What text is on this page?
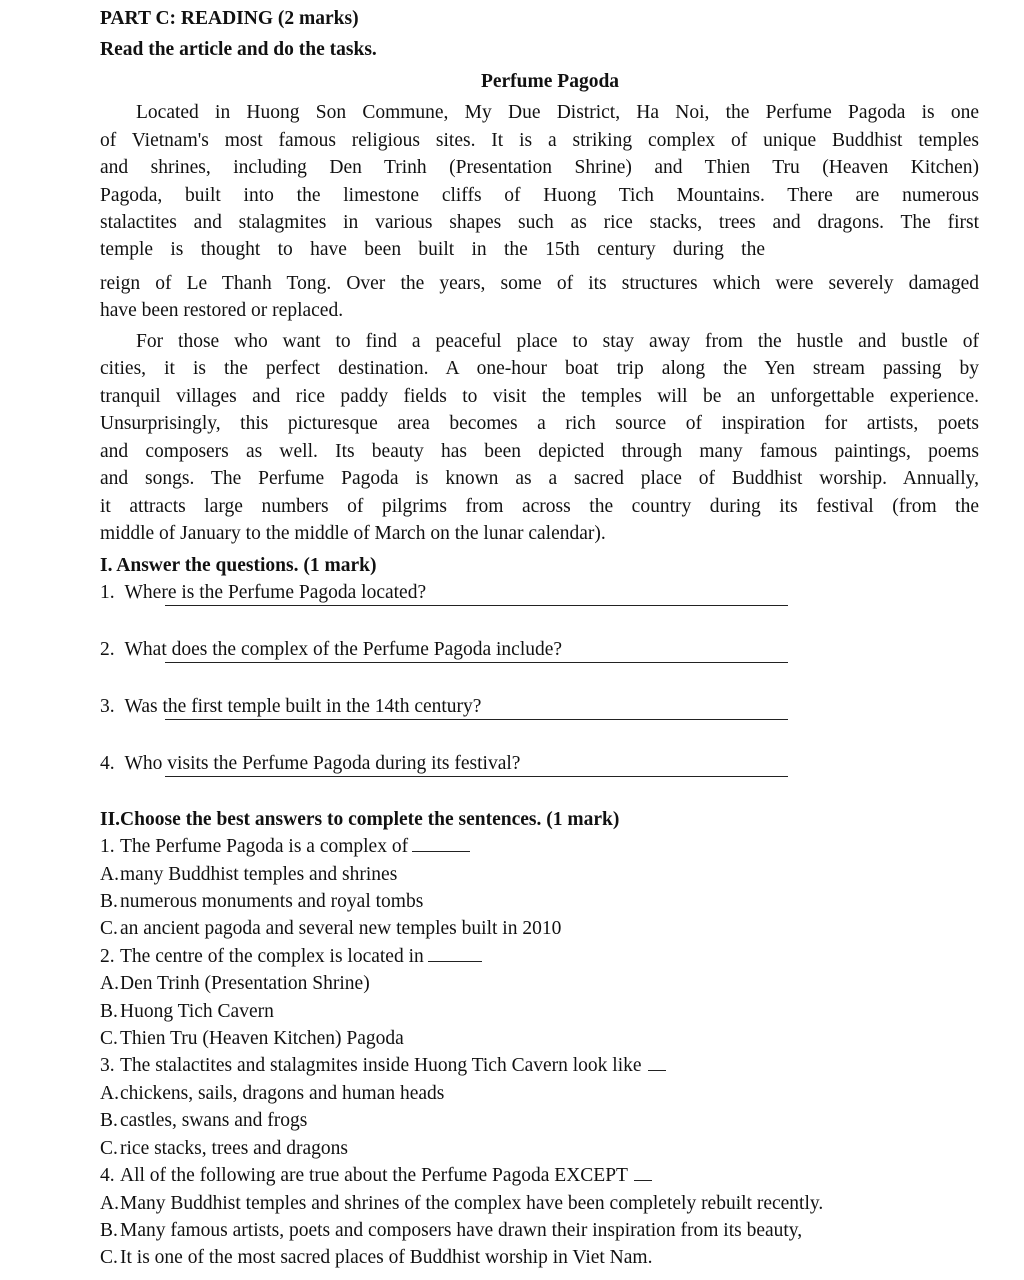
PART C: READING (2 marks)
Read the article and do the tasks.
Perfume Pagoda
Located in Huong Son Commune, My Due District, Ha Noi, the Perfume Pagoda is one
of Vietnam's most famous religious sites. It is a striking complex of unique Buddhist temples
and shrines, including Den Trinh (Presentation Shrine) and Thien Tru (Heaven Kitchen)
Pagoda, built into the limestone cliffs of Huong Tich Mountains. There are numerous
stalactites and stalagmites in various shapes such as rice stacks, trees and dragons. The first
temple is thought to have been built in the 15th century during the
reign of Le Thanh Tong. Over the years, some of its structures which were severely damaged
have been restored or replaced.
For those who want to find a peaceful place to stay away from the hustle and bustle of
cities, it is the perfect destination. A one-hour boat trip along the Yen stream passing by
tranquil villages and rice paddy fields to visit the temples will be an unforgettable experience.
Unsurprisingly, this picturesque area becomes a rich source of inspiration for artists, poets
and composers as well. Its beauty has been depicted through many famous paintings, poems
and songs. The Perfume Pagoda is known as a sacred place of Buddhist worship. Annually,
it attracts large numbers of pilgrims from across the country during its festival (from the
middle of January to the middle of March on the lunar calendar).
I. Answer the questions. (1 mark)
1. Where is the Perfume Pagoda located?
2. What does the complex of the Perfume Pagoda include?
3. Was the first temple built in the 14th century?
4. Who visits the Perfume Pagoda during its festival?
II.Choose the best answers to complete the sentences. (1 mark)
1. The Perfume Pagoda is a complex of
A.many Buddhist temples and shrines
B. numerous monuments and royal tombs
C. an ancient pagoda and several new temples built in 2010
2. The centre of the complex is located in
A.Den Trinh (Presentation Shrine)
B. Huong Tich Cavern
C. Thien Tru (Heaven Kitchen) Pagoda
3. The stalactites and stalagmites inside Huong Tich Cavern look like
A.chickens, sails, dragons and human heads
B. castles, swans and frogs
C. rice stacks, trees and dragons
4. All of the following are true about the Perfume Pagoda EXCEPT
A.Many Buddhist temples and shrines of the complex have been completely rebuilt recently.
B. Many famous artists, poets and composers have drawn their inspiration from its beauty,
C. It is one of the most sacred places of Buddhist worship in Viet Nam.
